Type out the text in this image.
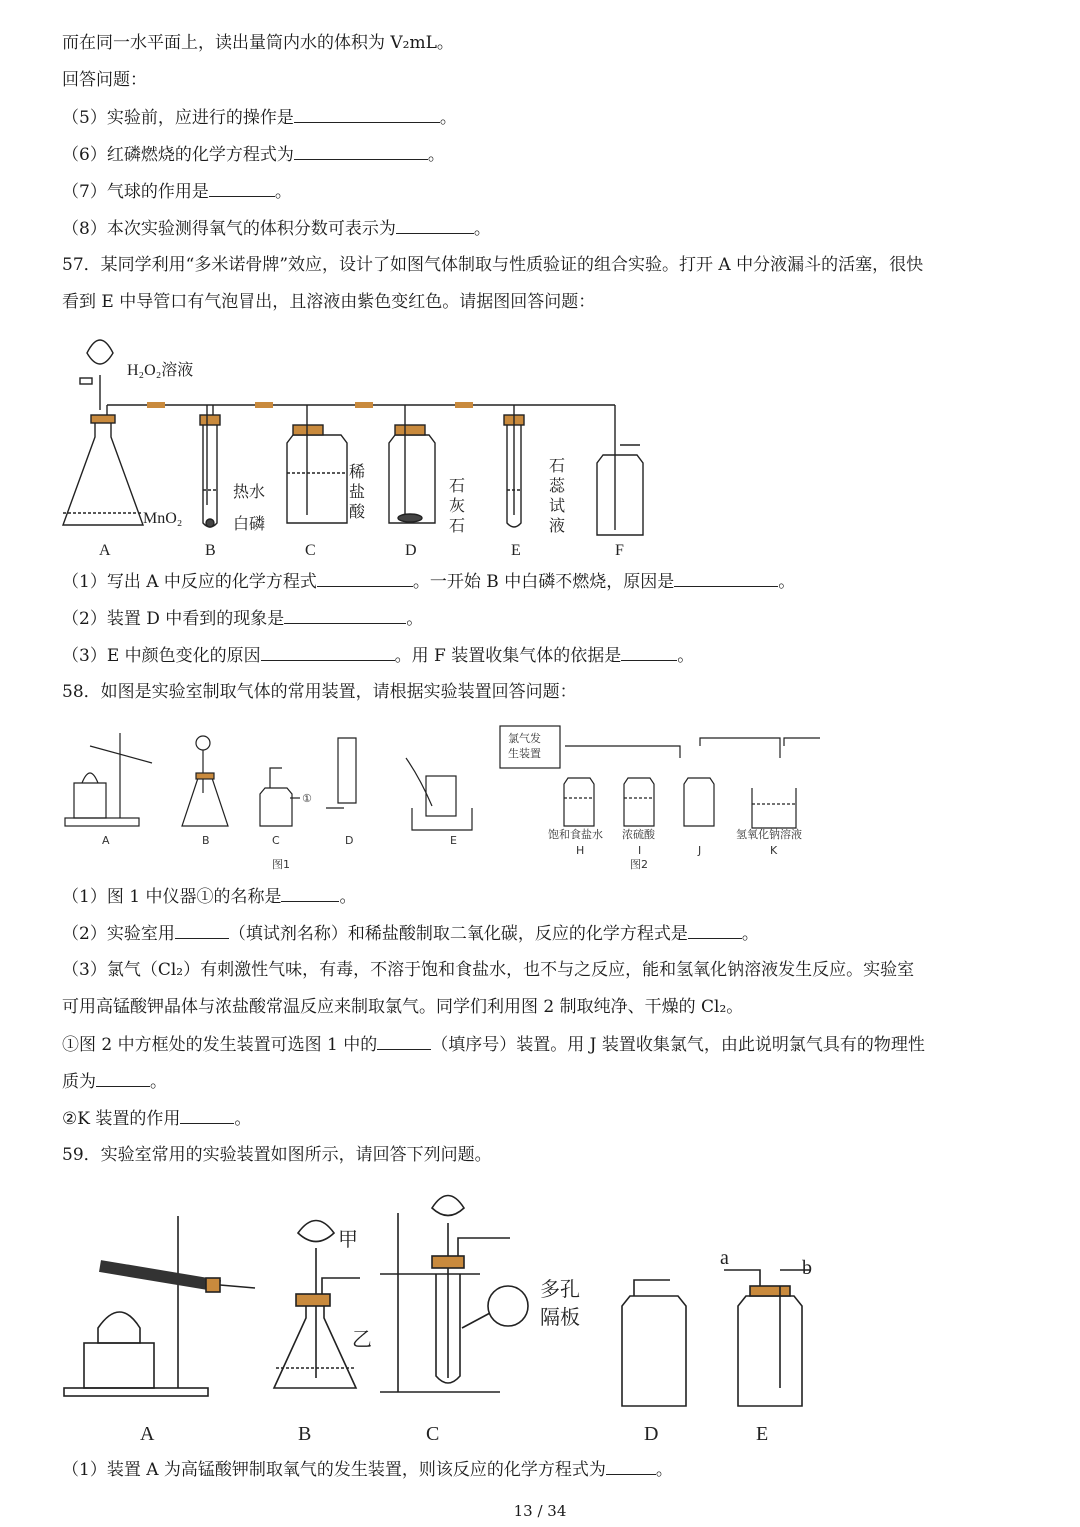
而在同一水平面上，读出量筒内水的体积为 V₂mL。
回答问题：
（5）实验前，应进行的操作是	。
（6）红磷燃烧的化学方程式为	。
（7）气球的作用是	。
（8）本次实验测得氧气的体积分数可表示为	。
57．某同学利用“多米诺骨牌”效应，设计了如图气体制取与性质验证的组合实验。打开 A 中分液漏斗的活塞，很快
看到 E 中导管口有气泡冒出，且溶液由紫色变红色。请据图回答问题：
H₂O₂溶液
MnO₂
热水
白磷
稀
盐
酸
石
灰
石
石
蕊
试
液
A	B	C	D	E	F
（1）写出 A 中反应的化学方程式	。一开始 B 中白磷不燃烧，原因是	。
（2）装置 D 中看到的现象是	。
（3）E 中颜色变化的原因	。用 F 装置收集气体的依据是	。
58．如图是实验室制取气体的常用装置，请根据实验装置回答问题：
氯气发
生装置
①
A	B	C	D	E
图1
饱和食盐水 浓硫酸	氢氧化钠溶液
H	I	J	K
图2
（1）图 1 中仪器①的名称是	。
（2）实验室用	（填试剂名称）和稀盐酸制取二氧化碳，反应的化学方程式是	。
（3）氯气（Cl₂）有刺激性气味，有毒，不溶于饱和食盐水，也不与之反应，能和氢氧化钠溶液发生反应。实验室
可用高锰酸钾晶体与浓盐酸常温反应来制取氯气。同学们利用图 2 制取纯净、干燥的 Cl₂。
①图 2 中方框处的发生装置可选图 1 中的	（填序号）装置。用 J 装置收集氯气，由此说明氯气具有的物理性
质为	。
②K 装置的作用	。
59．实验室常用的实验装置如图所示，请回答下列问题。
甲
乙
多孔
隔板
a	b
A	B	C	D	E
（1）装置 A 为高锰酸钾制取氧气的发生装置，则该反应的化学方程式为	。
13 / 34
